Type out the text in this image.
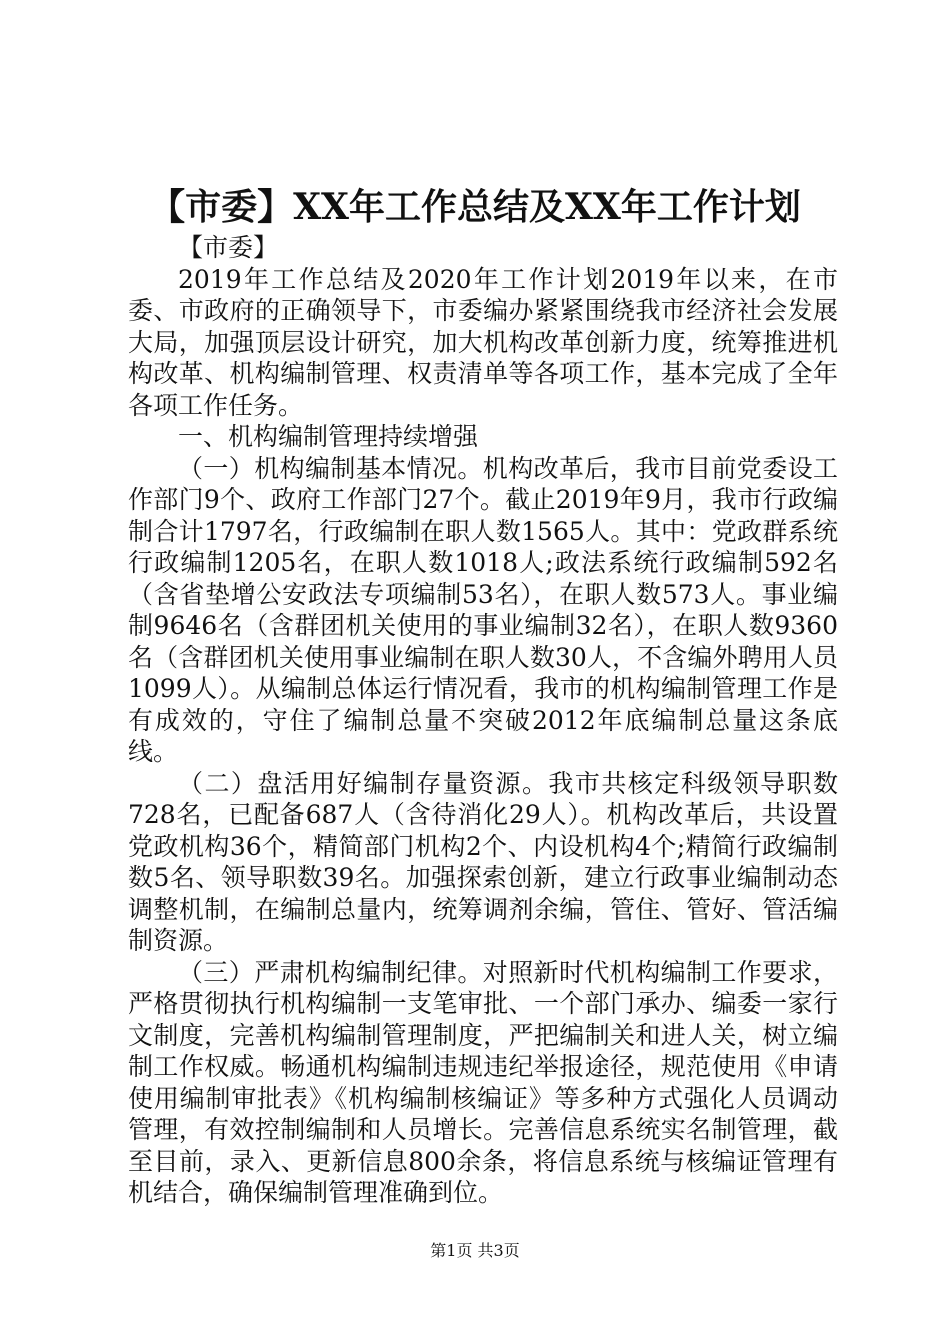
【市委】XX年工作总结及XX年工作计划

【市委】

2019年工作总结及2020年工作计划2019年以来，在市委、市政府的正确领导下，市委编办紧紧围绕我市经济社会发展大局，加强顶层设计研究，加大机构改革创新力度，统筹推进机构改革、机构编制管理、权责清单等各项工作，基本完成了全年各项工作任务。

一、机构编制管理持续增强

（一）机构编制基本情况。机构改革后，我市目前党委设工作部门9个、政府工作部门27个。截止2019年9月，我市行政编制合计1797名，行政编制在职人数1565人。其中：党政群系统行政编制1205名，在职人数1018人;政法系统行政编制592名（含省垫增公安政法专项编制53名），在职人数573人。事业编制9646名（含群团机关使用的事业编制32名），在职人数9360名（含群团机关使用事业编制在职人数30人，不含编外聘用人员1099人）。从编制总体运行情况看，我市的机构编制管理工作是有成效的，守住了编制总量不突破2012年底编制总量这条底线。

（二）盘活用好编制存量资源。我市共核定科级领导职数728名，已配备687人（含待消化29人）。机构改革后，共设置党政机构36个，精简部门机构2个、内设机构4个;精简行政编制数5名、领导职数39名。加强探索创新，建立行政事业编制动态调整机制，在编制总量内，统筹调剂余编，管住、管好、管活编制资源。

（三）严肃机构编制纪律。对照新时代机构编制工作要求，严格贯彻执行机构编制一支笔审批、一个部门承办、编委一家行文制度，完善机构编制管理制度，严把编制关和进人关，树立编制工作权威。畅通机构编制违规违纪举报途径，规范使用《申请使用编制审批表》《机构编制核编证》等多种方式强化人员调动管理，有效控制编制和人员增长。完善信息系统实名制管理，截至目前，录入、更新信息800余条，将信息系统与核编证管理有机结合，确保编制管理准确到位。

第1页 共3页
